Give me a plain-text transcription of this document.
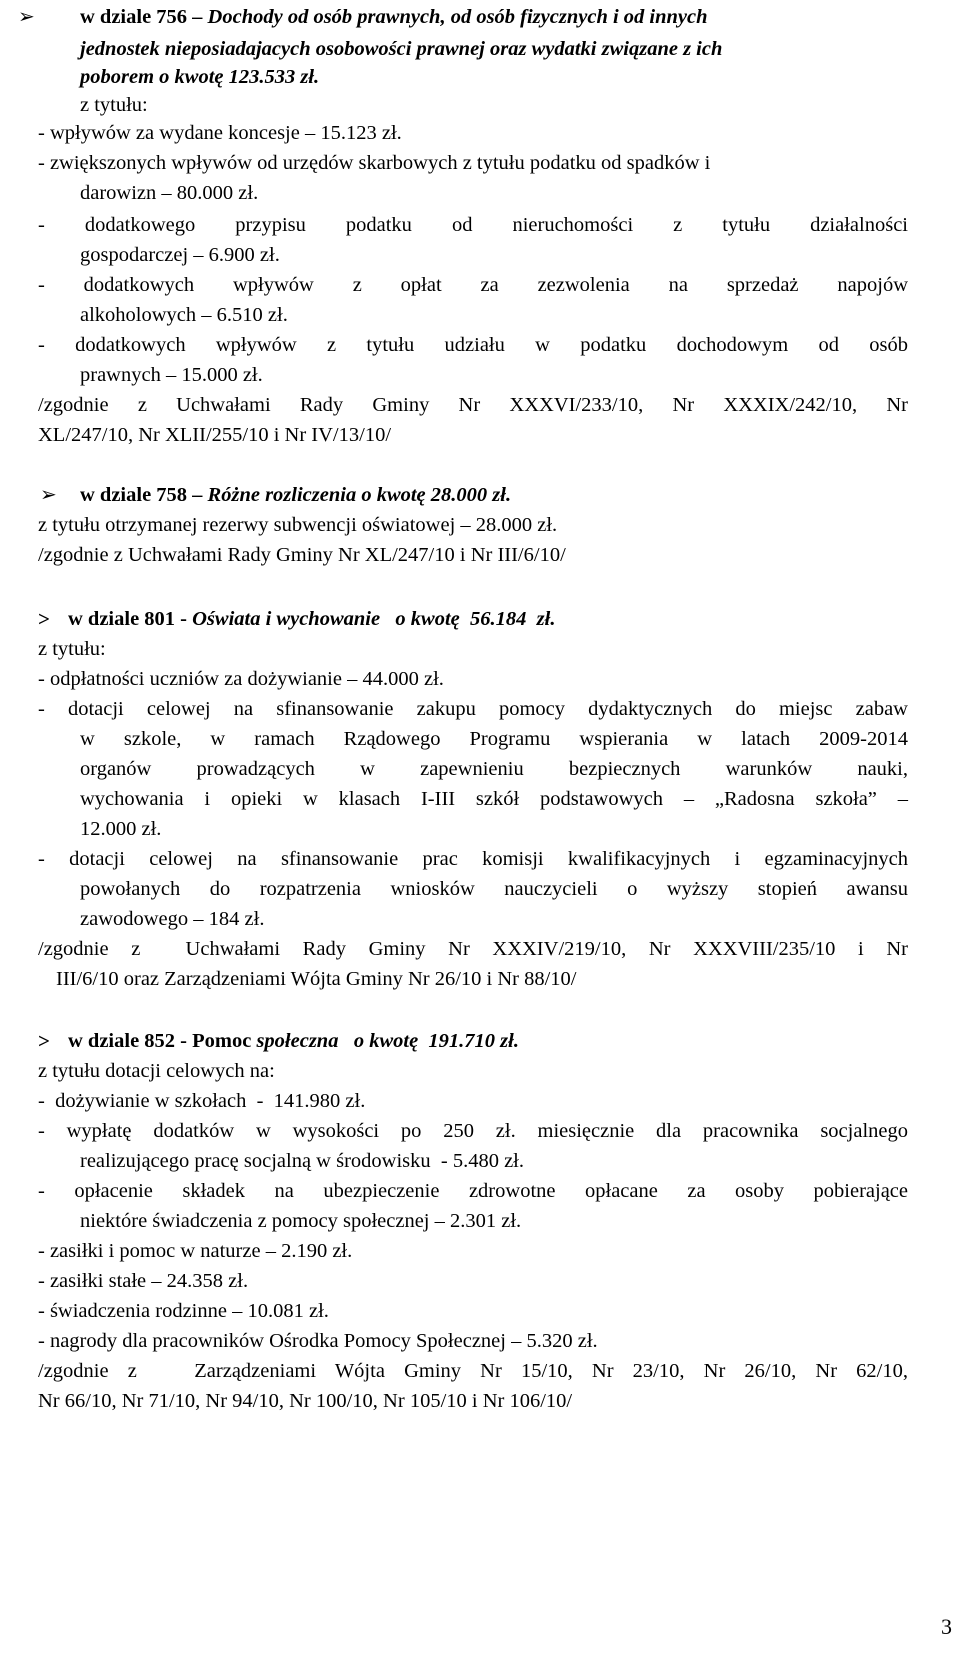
➢ w dziale 756 – Dochody od osób prawnych, od osób fizycznych i od innych
jednostek nieposiadajacych osobowości prawnej oraz wydatki związane z ich
poborem o kwotę 123.533 zł.
z tytułu:
- wpływów za wydane koncesje – 15.123 zł.
- zwiększonych wpływów od urzędów skarbowych z tytułu podatku od spadków i
darowizn – 80.000 zł.
- dodatkowego przypisu podatku od nieruchomości z tytułu działalności
gospodarczej – 6.900 zł.
- dodatkowych wpływów z opłat za zezwolenia na sprzedaż napojów
alkoholowych – 6.510 zł.
- dodatkowych wpływów z tytułu udziału w podatku dochodowym od osób
prawnych – 15.000 zł.
/zgodnie z Uchwałami Rady Gminy Nr XXXVI/233/10, Nr XXXIX/242/10, Nr
XL/247/10, Nr XLII/255/10 i Nr IV/13/10/
➢ w dziale 758 – Różne rozliczenia o kwotę 28.000 zł.
z tytułu otrzymanej rezerwy subwencji oświatowej – 28.000 zł.
/zgodnie z Uchwałami Rady Gminy Nr XL/247/10 i Nr III/6/10/
> w dziale 801 - Oświata i wychowanie   o kwotę  56.184  zł.
z tytułu:
- odpłatności uczniów za dożywianie – 44.000 zł.
- dotacji celowej na sfinansowanie zakupu pomocy dydaktycznych do miejsc zabaw
w szkole, w ramach Rządowego Programu wspierania w latach 2009-2014
organów prowadzących w zapewnieniu bezpiecznych warunków nauki,
wychowania i opieki w klasach I-III szkół podstawowych – „Radosna szkoła” –
12.000 zł.
- dotacji celowej na sfinansowanie prac komisji kwalifikacyjnych i egzaminacyjnych
powołanych do rozpatrzenia wniosków nauczycieli o wyższy stopień awansu
zawodowego – 184 zł.
/zgodnie z  Uchwałami Rady Gminy Nr XXXIV/219/10, Nr XXXVIII/235/10 i Nr
III/6/10 oraz Zarządzeniami Wójta Gminy Nr 26/10 i Nr 88/10/
> w dziale 852 - Pomoc społeczna   o kwotę  191.710 zł.
z tytułu dotacji celowych na:
-  dożywianie w szkołach  -  141.980 zł.
- wypłatę dodatków w wysokości po 250 zł. miesięcznie dla pracownika socjalnego
realizującego pracę socjalną w środowisku  - 5.480 zł.
- opłacenie składek na ubezpieczenie zdrowotne opłacane za osoby pobierające
niektóre świadczenia z pomocy społecznej – 2.301 zł.
- zasiłki i pomoc w naturze – 2.190 zł.
- zasiłki stałe – 24.358 zł.
- świadczenia rodzinne – 10.081 zł.
- nagrody dla pracowników Ośrodka Pomocy Społecznej – 5.320 zł.
/zgodnie z   Zarządzeniami Wójta Gminy Nr 15/10, Nr 23/10, Nr 26/10, Nr 62/10,
Nr 66/10, Nr 71/10, Nr 94/10, Nr 100/10, Nr 105/10 i Nr 106/10/
3
